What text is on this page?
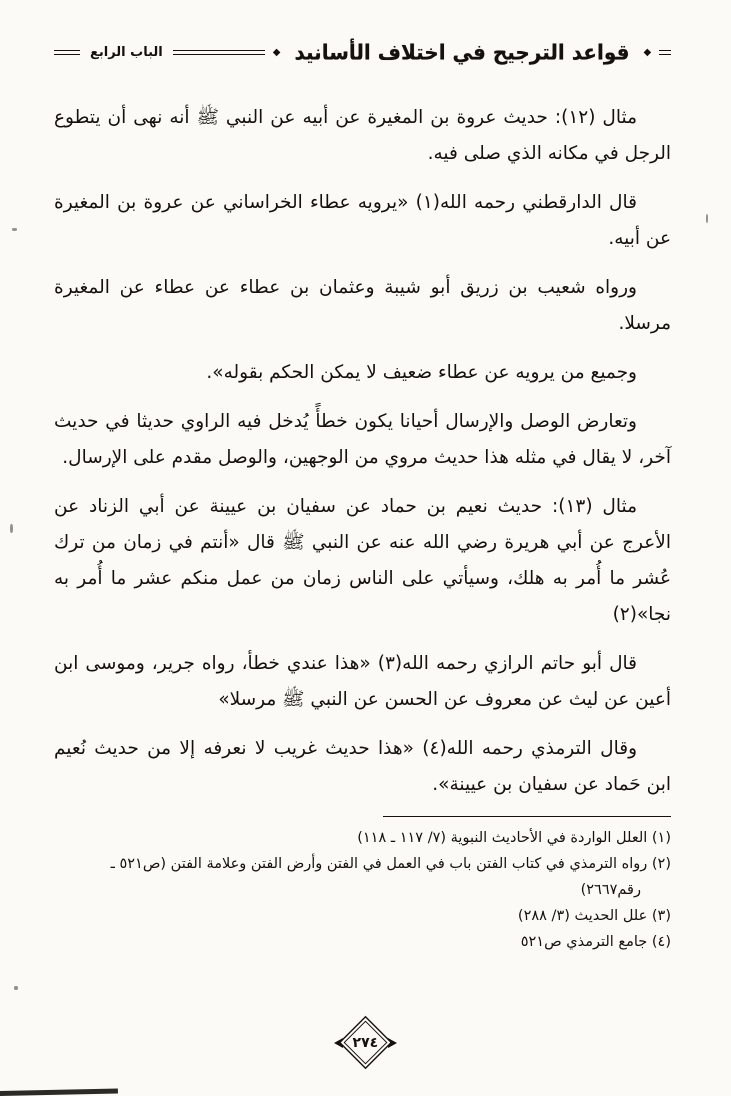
الباب الرابع	◆ قواعد الترجيح في اختلاف الأسانيد	◆

مثال (١٢): حديث عروة بن المغيرة عن أبيه عن النبي ﷺ أنه نهى أن يتطوع الرجل في مكانه الذي صلى فيه.

قال الدارقطني رحمه الله(١) «يرويه عطاء الخراساني عن عروة بن المغيرة عن أبيه.

ورواه شعيب بن زريق أبو شيبة وعثمان بن عطاء عن عطاء عن المغيرة مرسلا.

وجميع من يرويه عن عطاء ضعيف لا يمكن الحكم بقوله».

وتعارض الوصل والإرسال أحيانا يكون خطأً يُدخل فيه الراوي حديثا في حديث آخر، لا يقال في مثله هذا حديث مروي من الوجهين، والوصل مقدم على الإرسال.

مثال (١٣): حديث نعيم بن حماد عن سفيان بن عيينة عن أبي الزناد عن الأعرج عن أبي هريرة رضي الله عنه عن النبي ﷺ قال «أنتم في زمان من ترك عُشر ما أُمر به هلك، وسيأتي على الناس زمان من عمل منكم عشر ما أُمر به نجا»(٢)

قال أبو حاتم الرازي رحمه الله(٣) «هذا عندي خطأ، رواه جرير، وموسى ابن أعين عن ليث عن معروف عن الحسن عن النبي ﷺ مرسلا»

وقال الترمذي رحمه الله(٤) «هذا حديث غريب لا نعرفه إلا من حديث نُعيم ابن حَماد عن سفيان بن عيينة».

(١) العلل الواردة في الأحاديث النبوية (٧/ ١١٧ ـ ١١٨)

(٢) رواه الترمذي في كتاب الفتن باب في العمل في الفتن وأرض الفتن وعلامة الفتن (ص٥٢١ ـ رقم٢٦٦٧)

(٣) علل الحديث (٣/ ٢٨٨)

(٤) جامع الترمذي ص٥٢١

٢٧٤
